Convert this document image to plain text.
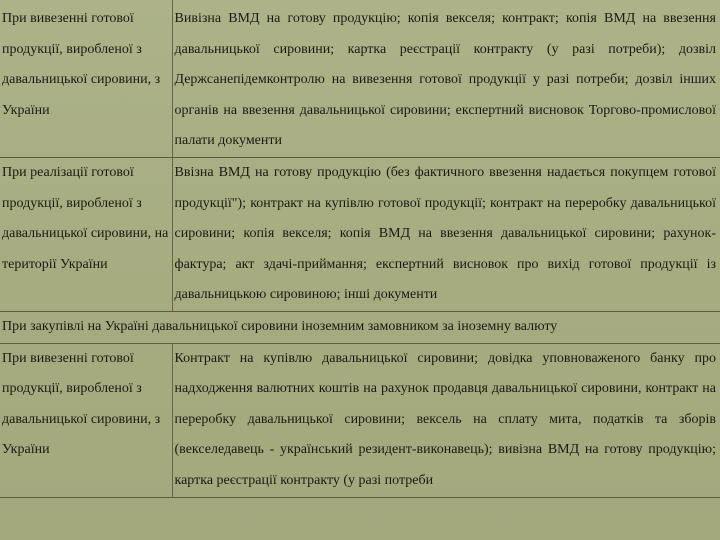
При вивезенні готової продукції, виробленої з давальницької сировини, з України	Вивізна ВМД на готову продукцію; копія векселя; контракт; копія ВМД на ввезення давальницької сировини; картка реєстрації контракту (у разі потреби); дозвіл Держсанепідемконтролю на вивезення готової продукції у разі потреби; дозвіл інших органів на ввезення давальницької сировини; експертний висновок Торгово-промислової палати документи
При реалізації готової продукції, виробленої з давальницької сировини, на території України	Ввізна ВМД на готову продукцію (без фактичного ввезення надається покупцем готової продукції"); контракт на купівлю готової продукції; контракт на переробку давальницької сировини; копія векселя; копія ВМД на ввезення давальницької сировини; рахунок-фактура; акт здачі-приймання; експертний висновок про вихід готової продукції із давальницькою сировиною; інші документи
При закупівлі на Україні давальницької сировини іноземним замовником за іноземну валюту	
При вивезенні готової продукції, виробленої з давальницької сировини, з України	Контракт на купівлю давальницької сировини; довідка уповноваженого банку про надходження валютних коштів на рахунок продавця давальницької сировини, контракт на переробку давальницької сировини; вексель на сплату мита, податків та зборів (векселедавець - український резидент-виконавець); вивізна ВМД на готову продукцію; картка реєстрації контракту (у разі потреби
